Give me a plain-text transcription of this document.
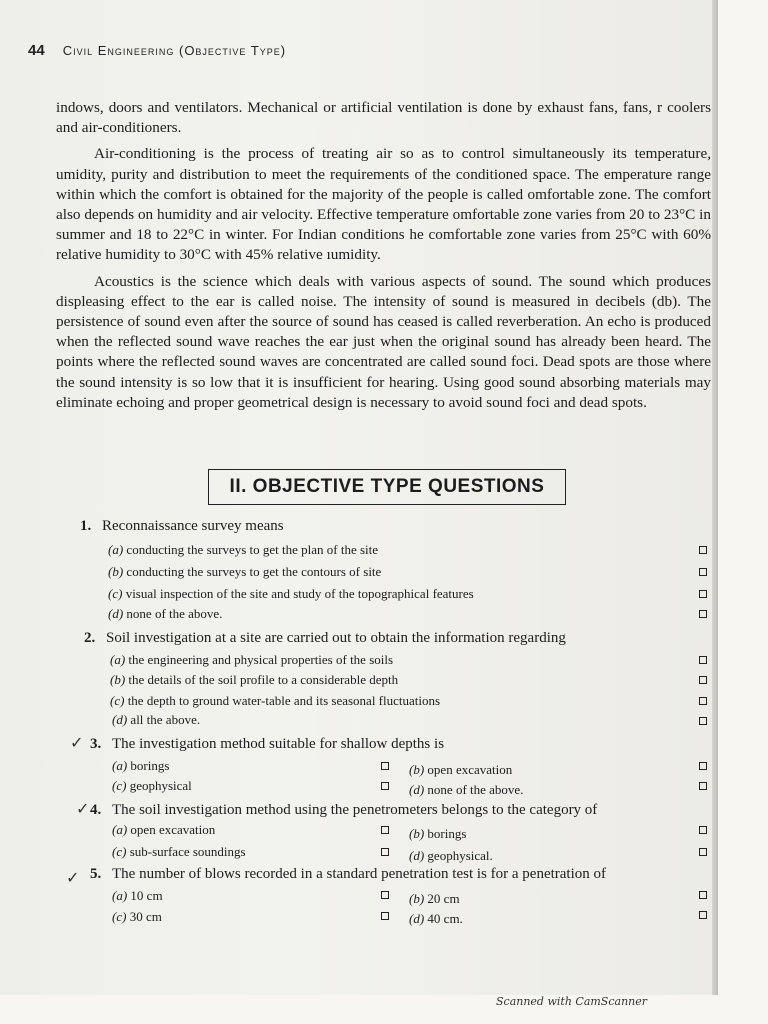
44 Civil Engineering (Objective Type)

indows, doors and ventilators. Mechanical or artificial ventilation is done by exhaust fans, fans, r coolers and air-conditioners.

Air-conditioning is the process of treating air so as to control simultaneously its temperature, umidity, purity and distribution to meet the requirements of the conditioned space. The emperature range within which the comfort is obtained for the majority of the people is called omfortable zone. The comfort also depends on humidity and air velocity. Effective temperature omfortable zone varies from 20 to 23°C in summer and 18 to 22°C in winter. For Indian conditions he comfortable zone varies from 25°C with 60% relative humidity to 30°C with 45% relative ıumidity.

Acoustics is the science which deals with various aspects of sound. The sound which produces displeasing effect to the ear is called noise. The intensity of sound is measured in decibels (db). The persistence of sound even after the source of sound has ceased is called reverberation. An echo is produced when the reflected sound wave reaches the ear just when the original sound has already been heard. The points where the reflected sound waves are concentrated are called sound foci. Dead spots are those where the sound intensity is so low that it is insufficient for hearing. Using good sound absorbing materials may eliminate echoing and proper geometrical design is necessary to avoid sound foci and dead spots.

II. OBJECTIVE TYPE QUESTIONS
1. Reconnaissance survey means
(a) conducting the surveys to get the plan of the site
(b) conducting the surveys to get the contours of site
(c) visual inspection of the site and study of the topographical features
(d) none of the above.
2. Soil investigation at a site are carried out to obtain the information regarding
(a) the engineering and physical properties of the soils
(b) the details of the soil profile to a considerable depth
(c) the depth to ground water-table and its seasonal fluctuations
(d) all the above.
✓ 3. The investigation method suitable for shallow depths is
(a) borings	(b) open excavation
(c) geophysical	(d) none of the above.
✓ 4. The soil investigation method using the penetrometers belongs to the category of
(a) open excavation	(b) borings
(c) sub-surface soundings	(d) geophysical.
✓ 5. The number of blows recorded in a standard penetration test is for a penetration of
(a) 10 cm	(b) 20 cm
(c) 30 cm	(d) 40 cm.
Scanned with CamScanner
